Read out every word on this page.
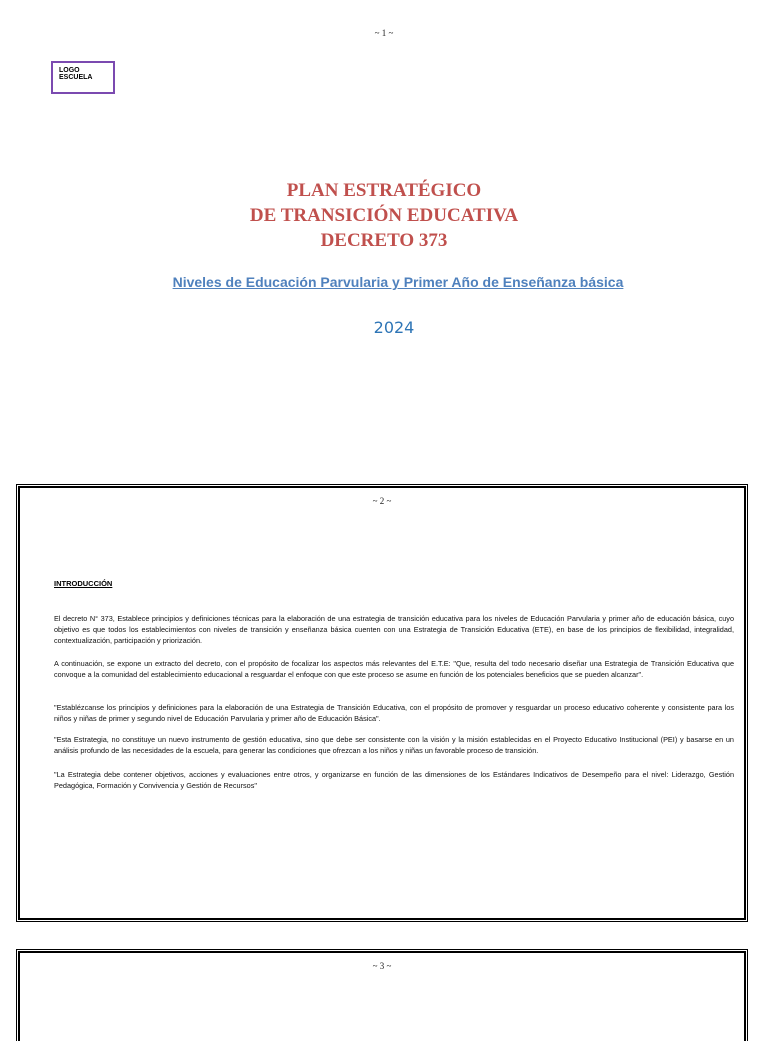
~ 1 ~
LOGO ESCUELA
PLAN ESTRATÉGICO
DE TRANSICIÓN EDUCATIVA
DECRETO 373
Niveles de Educación Parvularia y Primer Año de Enseñanza básica
2024
~ 2 ~
INTRODUCCIÓN
El decreto N° 373, Establece principios y definiciones técnicas para la elaboración de una estrategia de transición educativa para los niveles de Educación Parvularia y primer año de educación básica, cuyo objetivo es que todos los establecimientos con niveles de transición y enseñanza básica cuenten con una Estrategia de Transición Educativa (ETE), en base de los principios de flexibilidad, integralidad, contextualización, participación y priorización.
A continuación, se expone un extracto del decreto, con el propósito de focalizar los aspectos más relevantes del E.T.E: "Que, resulta del todo necesario diseñar una Estrategia de Transición Educativa que convoque a la comunidad del establecimiento educacional a resguardar el enfoque con que este proceso se asume en función de los potenciales beneficios que se pueden alcanzar".
"Establézcanse los principios y definiciones para la elaboración de una Estrategia de Transición Educativa, con el propósito de promover y resguardar un proceso educativo coherente y consistente para los niños y niñas de primer y segundo nivel de Educación Parvularia y primer año de Educación Básica".
"Esta Estrategia, no constituye un nuevo instrumento de gestión educativa, sino que debe ser consistente con la visión y la misión establecidas en el Proyecto Educativo Institucional (PEI) y basarse en un análisis profundo de las necesidades de la escuela, para generar las condiciones que ofrezcan a los niños y niñas un favorable proceso de transición.
"La Estrategia debe contener objetivos, acciones y evaluaciones entre otros, y organizarse en función de las dimensiones de los Estándares Indicativos de Desempeño para el nivel: Liderazgo, Gestión Pedagógica, Formación y Convivencia y Gestión de Recursos"
~ 3 ~
